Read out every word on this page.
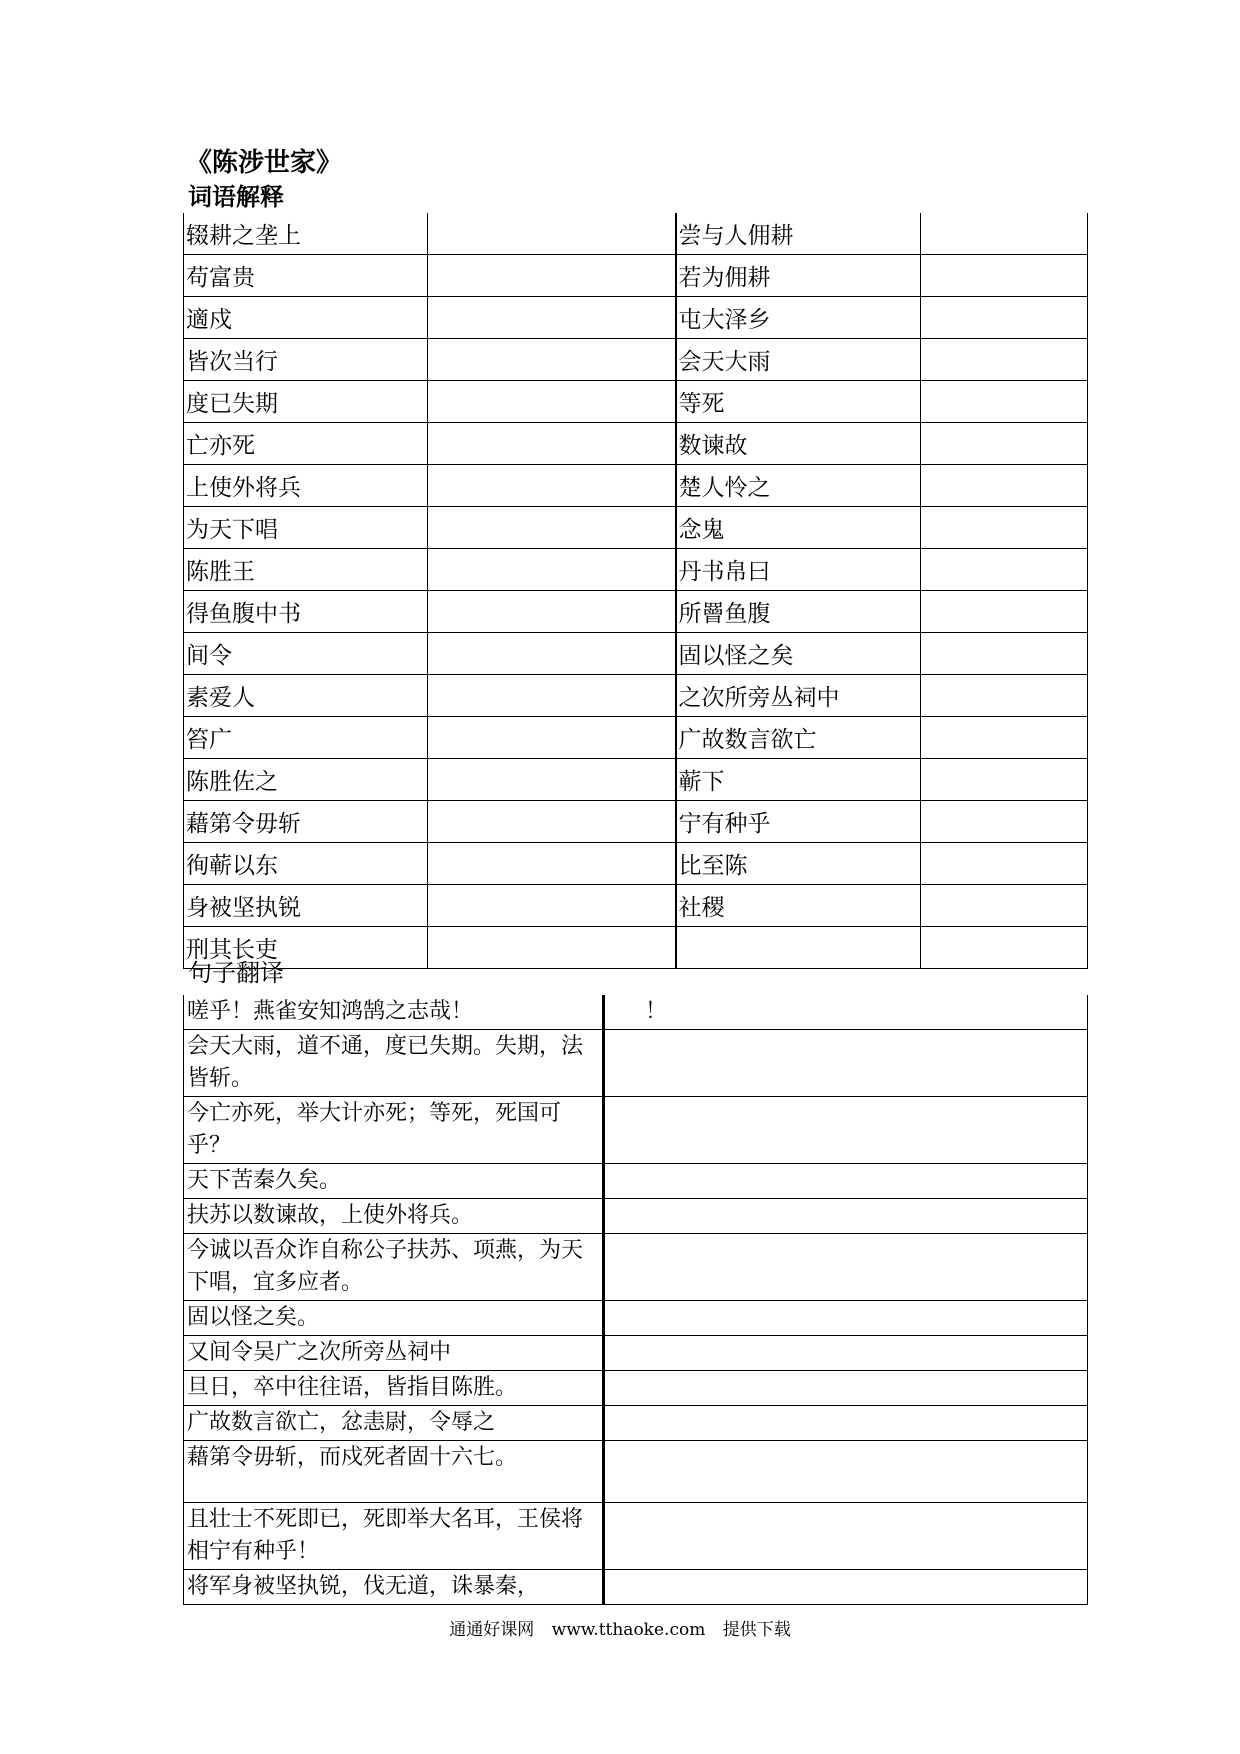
《陈涉世家》
词语解释
辍耕之垄上		尝与人佣耕	
苟富贵		若为佣耕	
適戍		屯大泽乡	
皆次当行		会天大雨	
度已失期		等死	
亡亦死		数谏故	
上使外将兵		楚人怜之	
为天下唱		念鬼	
陈胜王		丹书帛曰	
得鱼腹中书		所罾鱼腹	
间令		固以怪之矣	
素爱人		之次所旁丛祠中	
笞广		广故数言欲亡	
陈胜佐之		蕲下	
藉第令毋斩		宁有种乎	
徇蕲以东		比至陈	
身被坚执锐		社稷	
刑其长吏			
句子翻译
嗟乎！燕雀安知鸿鹄之志哉！	！
会天大雨，道不通，度已失期。失期，法皆斩。	
今亡亦死，举大计亦死；等死，死国可乎？	
天下苦秦久矣。	
扶苏以数谏故，上使外将兵。	
今诚以吾众诈自称公子扶苏、项燕，为天下唱，宜多应者。	
固以怪之矣。	
又间令吴广之次所旁丛祠中	
旦日，卒中往往语，皆指目陈胜。	
广故数言欲亡，忿恚尉，令辱之	
藉第令毋斩，而戍死者固十六七。	
且壮士不死即已，死即举大名耳，王侯将相宁有种乎！	
将军身被坚执锐，伐无道，诛暴秦，	
通通好课网 www.tthaoke.com 提供下载
